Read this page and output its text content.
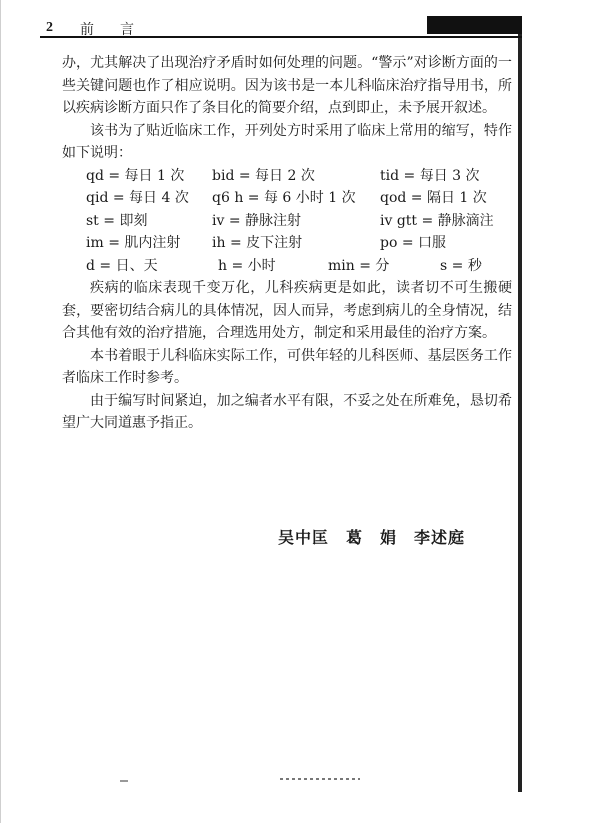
2 前言

办，尤其解决了出现治疗矛盾时如何处理的问题。“警示”对诊断方面的一些关键问题也作了相应说明。因为该书是一本儿科临床治疗指导用书，所以疾病诊断方面只作了条目化的简要介绍，点到即止，未予展开叙述。

该书为了贴近临床工作，开列处方时采用了临床上常用的缩写，特作如下说明：

qd = 每日 1 次	bid = 每日 2 次	tid = 每日 3 次
qid = 每日 4 次	q6 h = 每 6 小时 1 次	qod = 隔日 1 次
st = 即刻	iv = 静脉注射	iv gtt = 静脉滴注
im = 肌内注射	ih = 皮下注射	po = 口服
d = 日、天	h = 小时	min = 分	s = 秒

疾病的临床表现千变万化，儿科疾病更是如此，读者切不可生搬硬套，要密切结合病儿的具体情况，因人而异，考虑到病儿的全身情况，结合其他有效的治疗措施，合理选用处方，制定和采用最佳的治疗方案。

本书着眼于儿科临床实际工作，可供年轻的儿科医师、基层医务工作者临床工作时参考。

由于编写时间紧迫，加之编者水平有限，不妥之处在所难免，恳切希望广大同道惠予指正。

吴中匡　葛　娟　李述庭
